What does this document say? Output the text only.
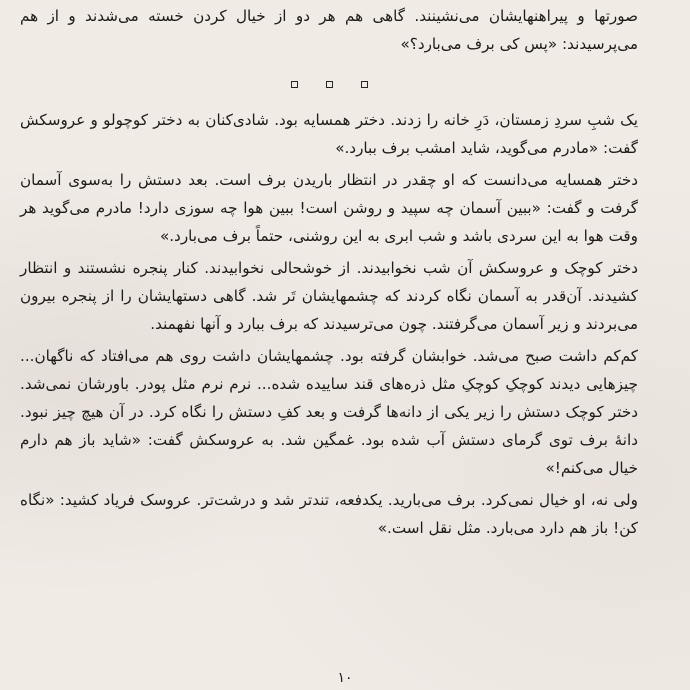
صورتها و پیراهنهایشان می‌نشینند. گاهی هم هر دو از خیال کردن خسته می‌شدند و از هم می‌پرسیدند: «پس کی برف می‌بارد؟»

یک شبِ سردِ زمستان، دَرِ خانه را زدند. دختر همسایه بود. شادی‌کنان به دختر کوچولو و عروسکش گفت: «مادرم می‌گوید، شاید امشب برف ببارد.»

دختر همسایه می‌دانست که او چقدر در انتظار باریدن برف است. بعد دستش را به‌سوی آسمان گرفت و گفت: «ببین آسمان چه سپید و روشن است! ببین هوا چه سوزی دارد! مادرم می‌گوید هر وقت هوا به این سردی باشد و شب ابری به این روشنی، حتماً برف می‌بارد.»

دختر کوچک و عروسکش آن شب نخوابیدند. از خوشحالی نخوابیدند. کنار پنجره نشستند و انتظار کشیدند. آن‌قدر به آسمان نگاه کردند که چشمهایشان تَر شد. گاهی دستهایشان را از پنجره بیرون می‌بردند و زیر آسمان می‌گرفتند. چون می‌ترسیدند که برف ببارد و آنها نفهمند.

کم‌کم داشت صبح می‌شد. خوابشان گرفته بود. چشمهایشان داشت روی هم می‌افتاد که ناگهان... چیزهایی دیدند کوچکِ کوچکِ مثل ذره‌های قند ساییده شده... نرم نرم مثل پودر. باورشان نمی‌شد. دختر کوچک دستش را زیر یکی از دانه‌ها گرفت و بعد کفِ دستش را نگاه کرد. در آن هیچ چیز نبود. دانهٔ برف توی گرمای دستش آب شده بود. غمگین شد. به عروسکش گفت: «شاید باز هم دارم خیال می‌کنم!»

ولی نه، او خیال نمی‌کرد. برف می‌بارید. یکدفعه، تندتر شد و درشت‌تر. عروسک فریاد کشید: «نگاه کن! باز هم دارد می‌بارد. مثل نقل است.»

۱۰
